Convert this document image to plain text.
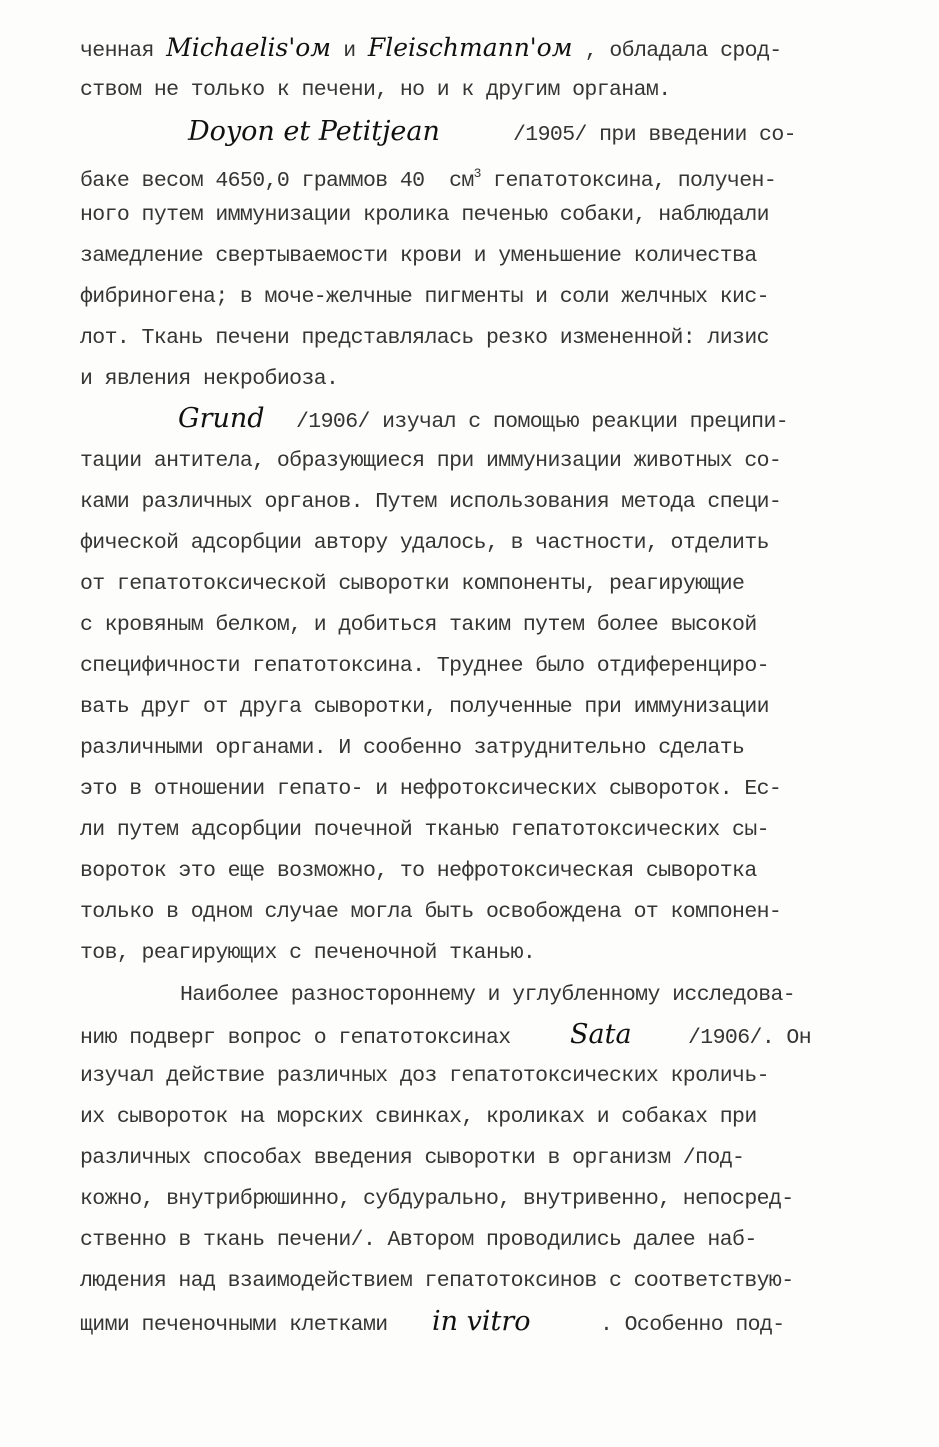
ченная Michaelis'ом и Fleischmann'ом , обладала срод-
ством не только к печени, но и к другим органам.
Doyon et Petitjean	/1905/ при введении со-
баке весом 4650,0 граммов 40  $см^3$ гепатотоксина, получен-
ного путем иммунизации кролика печенью собаки, наблюдали
замедление свертываемости крови и уменьшение количества
фибриногена; в моче-желчные пигменты и соли желчных кис-
лот. Ткань печени представлялась резко измененной: лизис
и явления некробиоза.
Grund /1906/ изучал с помощью реакции преципи-
тации антитела, образующиеся при иммунизации животных со-
ками различных органов. Путем использования метода специ-
фической адсорбции автору удалось, в частности, отделить
от гепатотоксической сыворотки компоненты, реагирующие
с кровяным белком, и добиться таким путем более высокой
специфичности гепатотоксина. Труднее было отдиференциро-
вать друг от друга сыворотки, полученные при иммунизации
различными органами. И сообенно затруднительно сделать
это в отношении гепато- и нефротоксических сывороток. Ес-
ли путем адсорбции почечной тканью гепатотоксических сы-
вороток это еще возможно, то нефротоксическая сыворотка
только в одном случае могла быть освобождена от компонен-
тов, реагирующих с печеночной тканью.
Наиболее разностороннему и углубленному исследова-
нию подверг вопрос о гепатотоксинах Sata	/1906/. Он
изучал действие различных доз гепатотоксических кроличь-
их сывороток на морских свинках, кроликах и собаках при
различных способах введения сыворотки в организм /под-
кожно, внутрибрюшинно, субдурально, внутривенно, непосред-
ственно в ткань печени/. Автором проводились далее наб-
людения над взаимодействием гепатотоксинов с соответствую-
щими печеночными клетками in vitro	. Особенно под-
